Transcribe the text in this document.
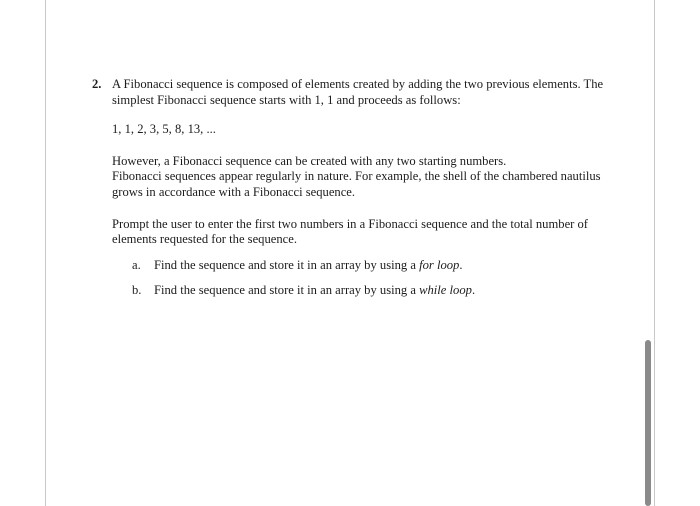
2. A Fibonacci sequence is composed of elements created by adding the two previous elements. The
simplest Fibonacci sequence starts with 1, 1 and proceeds as follows:

1, 1, 2, 3, 5, 8, 13, ...

However, a Fibonacci sequence can be created with any two starting numbers.
Fibonacci sequences appear regularly in nature. For example, the shell of the chambered nautilus
grows in accordance with a Fibonacci sequence.

Prompt the user to enter the first two numbers in a Fibonacci sequence and the total number of
elements requested for the sequence.

a.	Find the sequence and store it in an array by using a for loop.
b. Find the sequence and store it in an array by using a while loop.
